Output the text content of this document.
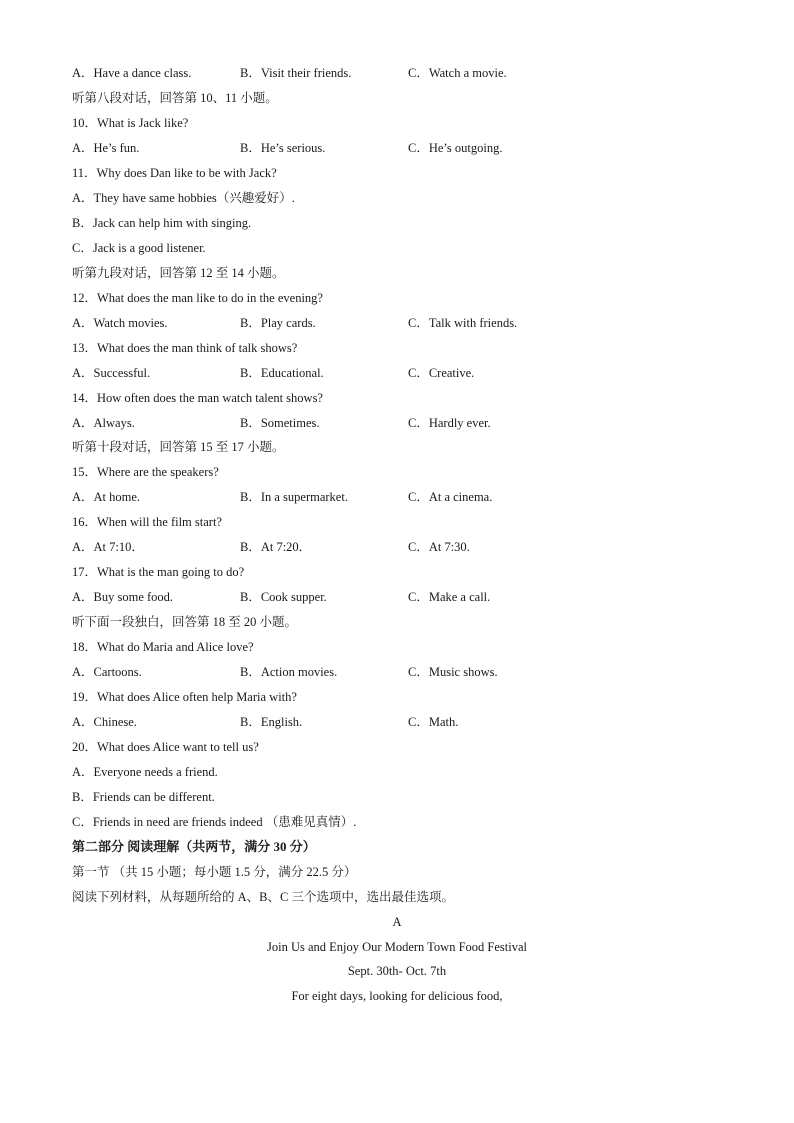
A．Have a dance class.	B．Visit their friends.	C．Watch a movie.
听第八段对话，回答第 10、11 小题。
10．What is Jack like?
A．He’s fun.	B．He’s serious.	C．He’s outgoing.
11．Why does Dan like to be with Jack?
A．They have same hobbies（兴趣爱好）.
B．Jack can help him with singing.
C．Jack is a good listener.
听第九段对话，回答第 12 至 14 小题。
12．What does the man like to do in the evening?
A．Watch movies.	B．Play cards.	C．Talk with friends.
13．What does the man think of talk shows?
A．Successful.	B．Educational.	C．Creative.
14．How often does the man watch talent shows?
A．Always.	B．Sometimes.	C．Hardly ever.
听第十段对话，回答第 15 至 17 小题。
15．Where are the speakers?
A．At home.	B．In a supermarket.	C．At a cinema.
16．When will the film start?
A．At 7:10．	B．At 7:20．	C．At 7:30.
17．What is the man going to do?
A．Buy some food.	B．Cook supper.	C．Make a call.
听下面一段独白，回答第 18 至 20 小题。
18．What do Maria and Alice love?
A．Cartoons.	B．Action movies.	C．Music shows.
19．What does Alice often help Maria with?
A．Chinese.	B．English.	C．Math.
20．What does Alice want to tell us?
A．Everyone needs a friend.
B．Friends can be different.
C．Friends in need are friends indeed （患难见真情）.
第二部分 阅读理解（共两节，满分 30 分）
第一节 （共 15 小题；每小题 1.5 分，满分 22.5 分）
阅读下列材料，从每题所给的 A、B、C 三个选项中，选出最佳选项。
A
Join Us and Enjoy Our Modern Town Food Festival
Sept. 30th- Oct. 7th
For eight days, looking for delicious food,
